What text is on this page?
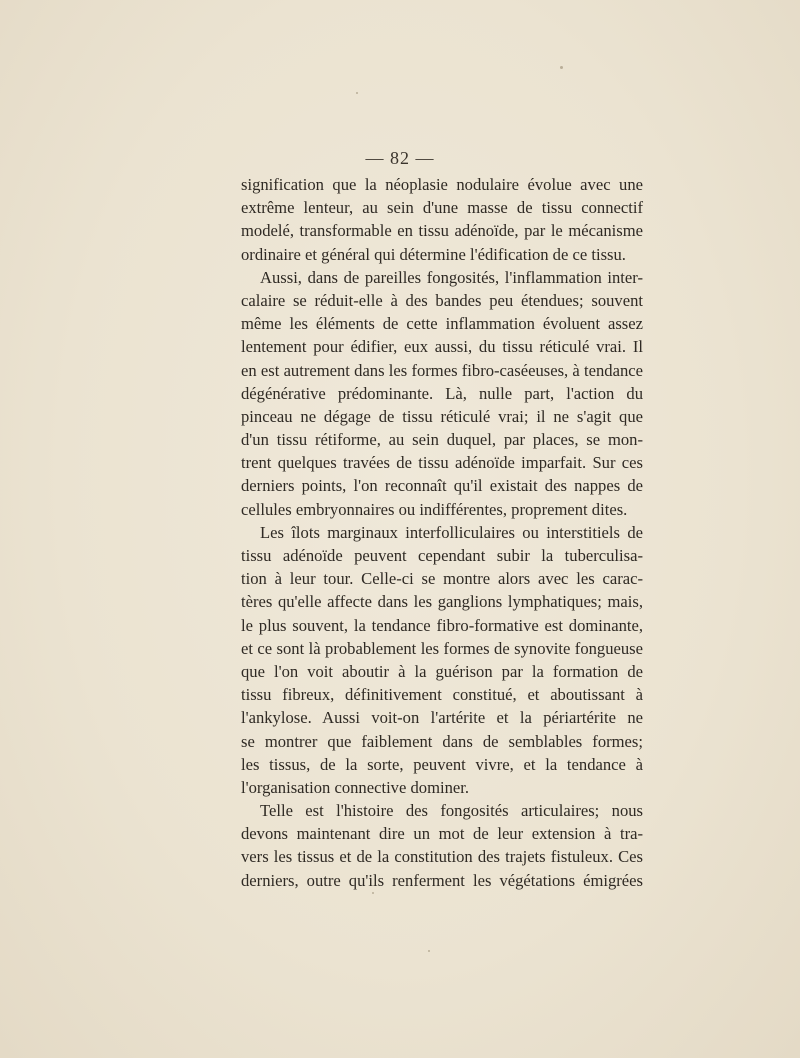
— 82 —
signification que la néoplasie nodulaire évolue avec une
extrême lenteur, au sein d'une masse de tissu connectif
modelé, transformable en tissu adénoïde, par le mécanisme
ordinaire et général qui détermine l'édification de ce tissu.
Aussi, dans de pareilles fongosités, l'inflammation inter-
calaire se réduit-elle à des bandes peu étendues; souvent
même les éléments de cette inflammation évoluent assez
lentement pour édifier, eux aussi, du tissu réticulé vrai. Il
en est autrement dans les formes fibro-caséeuses, à tendance
dégénérative prédominante. Là, nulle part, l'action du
pinceau ne dégage de tissu réticulé vrai; il ne s'agit que
d'un tissu rétiforme, au sein duquel, par places, se mon-
trent quelques travées de tissu adénoïde imparfait. Sur ces
derniers points, l'on reconnaît qu'il existait des nappes de
cellules embryonnaires ou indifférentes, proprement dites.
Les îlots marginaux interfolliculaires ou interstitiels de
tissu adénoïde peuvent cependant subir la tuberculisa-
tion à leur tour. Celle-ci se montre alors avec les carac-
tères qu'elle affecte dans les ganglions lymphatiques; mais,
le plus souvent, la tendance fibro-formative est dominante,
et ce sont là probablement les formes de synovite fongueuse
que l'on voit aboutir à la guérison par la formation de
tissu fibreux, définitivement constitué, et aboutissant à
l'ankylose. Aussi voit-on l'artérite et la périartérite ne
se montrer que faiblement dans de semblables formes;
les tissus, de la sorte, peuvent vivre, et la tendance à
l'organisation connective dominer.
Telle est l'histoire des fongosités articulaires; nous
devons maintenant dire un mot de leur extension à tra-
vers les tissus et de la constitution des trajets fistuleux. Ces
derniers, outre qu'ils renferment les végétations émigrées
